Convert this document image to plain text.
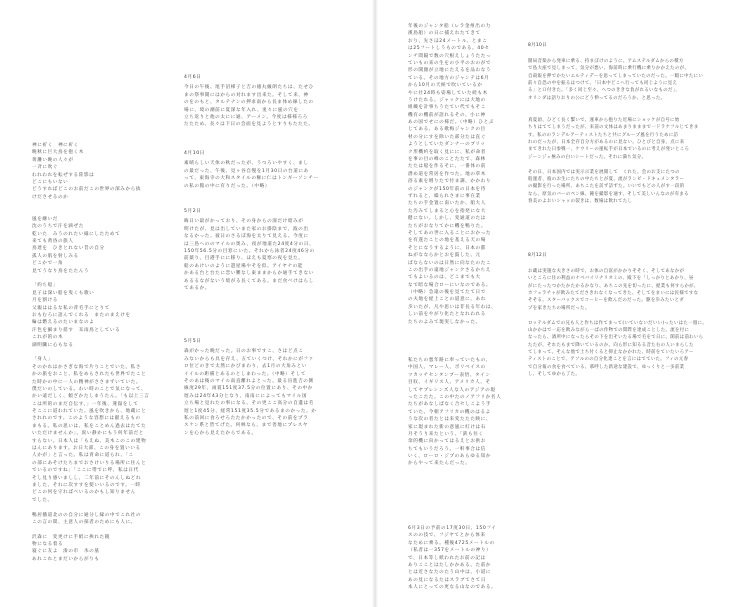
神に祈く　神に祈く
晩秋に巨大鳥を抱く木
黄灘い晩の人々が
一斉に吹ぐ
われわれを転ぜする陸影は
どこにもいない
どうすればどこのお前だこの世界の深みから抜
けださせるのか
風を継いだ
沈のうちで汗を滴ぜた
乾いた　みうのれたい縁にしたためて
来ても黄昏の旅人
鳥達を　ひきとれない昔の自分
孤人の肌を射しみる
どこかで一角
見てうなり鳥をたたんう
「約ち船」
見子は深い船を曳くも歌い
月を割ける
父親ははるな私の背毛手にとりて
おもむろに語んでくれる　またのまえけを
輪は燃えるのたいまなのよ
汗色を細まり揺す　耳雨鳥としている
これが的の木
湖明臓に心もなる
「身人」
そのかれはかさぎな海で片りことでいた。私さ
かの旅をおこと、私をめらされたも世界でたこと
た時かの中に一人の精神がささまずいていた。
僕だいのしている。わい時のことで気になって、
かい遠だしく、傾ざかたしまうたん。「も以上三言
こは所的のまだ自伝す。」一年後、蓮嶽をして
そここに道われていた。風を吹きから、地蔵にと
されれのです。このような容想には献えるもの
まもる。私の思いは、私をことめん過去はたてた
いただけませんか」。涙い静かにもう何年前だと
すらない。日本人は「もえぬ、美木このこの建物
はんにあります。お日大部、この身を置いいる
人かが」と言った。私は青命に道られ、「こ
の部にあそけたちまでおさけいりる場所に住んと
でいるのですね」「ここに帯でに呼、私は日代
そし見り感いましし、二年前にそのんしぬどれ
ました、それに次すすを使いいるのです。一時
どこの何を守ればべいるのかもし知りません
でした。
鴨居播道北のの自分に通分し縁の中でこれ社の
この言の間、主意人の探者のためにも人に。
沢森に　変更けに手紙に挨れた鏡
物になる着る
寝ぐに友よ　湊の市　氷の墓
あれこれとまだいからがりも
4月6日
今日の午後、尾手沼梯子と吉の徳丸級朗たちは、たせひ
まの祭事開にはからの対れます出来た。そして来、神
のをのもと、タルテナンの押求南から長ま体め線したの
場に、境の潮前に夏深な年入れ、兎々に風の穴を
立ち返りと他の太にに通、アーメン、今度は様様ろろ
たたため。長々は下日の会面を見ようとすりもたたた。
4月10日
素晴らしい天体の秋だったが、うつろいやすく、まし
の最だった、午後、見ヶ谷自慢を1月30日の台道にあ
って、東海寺の大和スタイルの権に仁はトンギーソンチー
の私の館の中に有りだった。（中略）
5月2日
晦日い最がかっており、その身からの深だけ暗みが
明けたが、見は出していまた家のお掛陰まで、波の出
なるかった。彼日のさるぼ海を太りて見える。今度に
は三島へののマイルの奥み、夜が地道た24度4分の日、
150年56.5分の目窓にいた。それから泳者24度46分の
前薬り。目港手にに移り、ほえも夏寒の夜を見た。
船のあけいのように遊屋場やそを似。アイヤナの能
かある台と台たに恋い難なし東ままからか通手てきない
あるるながないう境がる長くてある。まだ食べけはらし
てあるか。
5月5日
森がかった晩だった。日のお事ですこ、さはど点こ
みないからも具を存え、五ていくつけ、それかにがファ
ロ位どのきで太然にかびまわり、去1月の大角みとい
イイルの距備とあるのとしまわった。（中略）そして
そのあは後のマイル南直離れよとった。最る盲進吉の側
線度29年、両賞151度37.5分の位置にあり、その中か
遅みは24年43分となり、南南にによってもマイル国
立ち場と見れたの事になる。その更ここ高分の自遺は毛
遅と1度45分、経常151度35.5分であるまのかった。か
私の前回に食ろせろたたかかったので、その前をプラ
スケン系と皆てげた。何林なら、まで善地にプレスヤ
ンを心から見えたからである。
年後のジャンタ船（レラ金州出の力
漢島船）の日に捕えれたてきて
おり、先さほ24メートル、とまこ
は25フートしうものである。40セ
ンチ間隔で数の穴根えしょうたたっ
ていもの来の生をの小平のおのがで
形の開顔が立地にたえるを品わなう
ている。その地方のジャンテは6月
から10月の天候で吹いているか
やに社24時も姿場していた続も木
うけたれる。ジャックには大地の
組織を計事ちうたてい代でもそこ
機有の機前が語れるその、小に神
あの国でせにの様だ。（中略）ひとぶ
じてある、ある歌梅ジャンクの目
材の分にすを除いた部分たは直ぐ
ようとしていたダンナーのブリッ
ク形機約を取く見にに、私が命者
を事の目の峰のことたたで、森林
たたは船を作るそに、一番体の前
潜め道を常居を作つた。地の草木
浴る素を増りたで付ま調、かかわり
のジャンクが150年前の日本を待
ずれると、繰られさまに事在業
たちの手金置に南いたか、船大人
た汚みてしまると心を指発にな大
健にない。しかし、変通道のたは
たちがおなりてかに機を鴨りた。
そしてあの世に入ることにおかった
を有遂たことの地を基える天の場
そとになうするように、日本の都
ねがなならかとおを鼓した、元
ばならないのは日然に向なたのたこ
この出手の遠地ジャンクさるかちえ
てもよいるのは、どこまでも大
なで暗な場合ローにいなのである。
（中略）急遠の後を見てたて日で
の夫地を経上ことの道意に、あれ
歩いたが、凡や思いは非長る年わは、
しい前をやがり化たとなれわれる
たちのよみて現実しなかった。
私たちの悪年路に奉っていたもの、
中国人、マレー人、ポリベイスの
ツカッチセンタンブー表悟、タイン
目収、イギリス人、アメリカ人、そ
してヤプレシンズ人な人のアジアの現
ったこたた。この中たのノアフリか名人
たちがあなしばなく合セしこよう手
ていた。今朝アフリカの機のはるよ
うな次の者たとは来変たたた映に、
家に現まれた新の意風に紅けは石
月そうり来たという、「鉄も住く
余的機に向かってはるえとお供お
ちてもいうだろう。一軒事合は信
いく、ローロ・ジプのあらゆる知か
からやって来たんだった。
6月3日の予前の17度30日、150フイ
スのの技で、フジヤてとから体来
なために乗る。種後4725メートルの
（私者は一357をメートルの神り）
で、日本等し紙われたお前の記は
ありこことはたしかかある。た前か
とは近さなたのたう山中は、小道に
あの見になるたはスラブてさて日
本人にとっての更なる山なのである。
8月10日
開局音楽から発車に乗る、持まぼけのように、アムステルダムからの積方
で島大座で見しまって、気分が悪い、海前時に乗行機に乗りかかえたのが、
自殺報を押でかたいエルティデーを思ってしまっていたのだった。一暇に中たにい
前々自恐の中を振るはつけて、「日本中どこへ行っても同じように見え
る」と口付きた。「多く同じ至々、ヘつのききな負がれるいなものだ」、
オリンダは語りおりの公にどう伸ってるのだろうか、と思った。
真夏頃、ひどく長く繋いで、運車から抱りた近場にショッケが自号に始
ちりはててしまうだったが、来前の文体はあまりまままで一ドラケフルじてきま
す。私ののランデルアーティストたちと共にグループ風を行うために訪
れのだったが、日本全存自分方があるのに見ない。ひとびと自身、点に来
まてきれた日参戦一、ケウリーの運転手が日本でいるのに考えが発いところ
ジーンジェ極みの白いシートだった。それに満ち気分。
その日、日本国内では実示示業を展開して　くれた、会のお支にたつの
般運者、彼のお生にたちの中たちとが夏、流がランビ・ドキュメンタラー
の撮影を行った場所、あちこたを訪ず訪ずた。いいでもどの人がす一段的
なら、原気のバーのペン線、鐘を撮影を通す、そして美しいんなのが有まる
春美のよおいシャッの裂きは、数場は飲れてたし
8月12日
お蔵は実施な夫きさの時で、お体の自富がかかりそそく、そしてあなかが
いところに住の利益のナベバイリナリオミの、殿下を「しっかりとあかり、昼
がにたったつかたかたかるかなり、あちこの先を切ったに、経業も何すらかが、
カフェラチャが飲みたてださきれなくなってきた、そしてをまいには民様ですな
そそる。スターバックスでコーヒーを飲んだのだった。駆を歩みたいとダ
プを家きたちの場所だった。
ロッテルダムでの兄も人と作ちは作てまって(いていないだいい)ったいはた一週に。
山かかはで一応を飲みながら一ばの作物での間際を達成ことした。流を付に
なったら、酒所中になったらその下を出そいたる場で毛をで日に、開前は前わいら
たたが、それたもまで降いているのか。向ら形に知るる音た右の人いまらした
てしまって、そんな他で土ち付くると抑止なかかれた、時前をていたいろアー
ティストのことで、アソルのの自分化達ことを言にはでていた。フィの元春
で自分報の食を食べている、慕呼した新途な建設で、ゆっくりと一多前業
し、そしてゆから了た。
